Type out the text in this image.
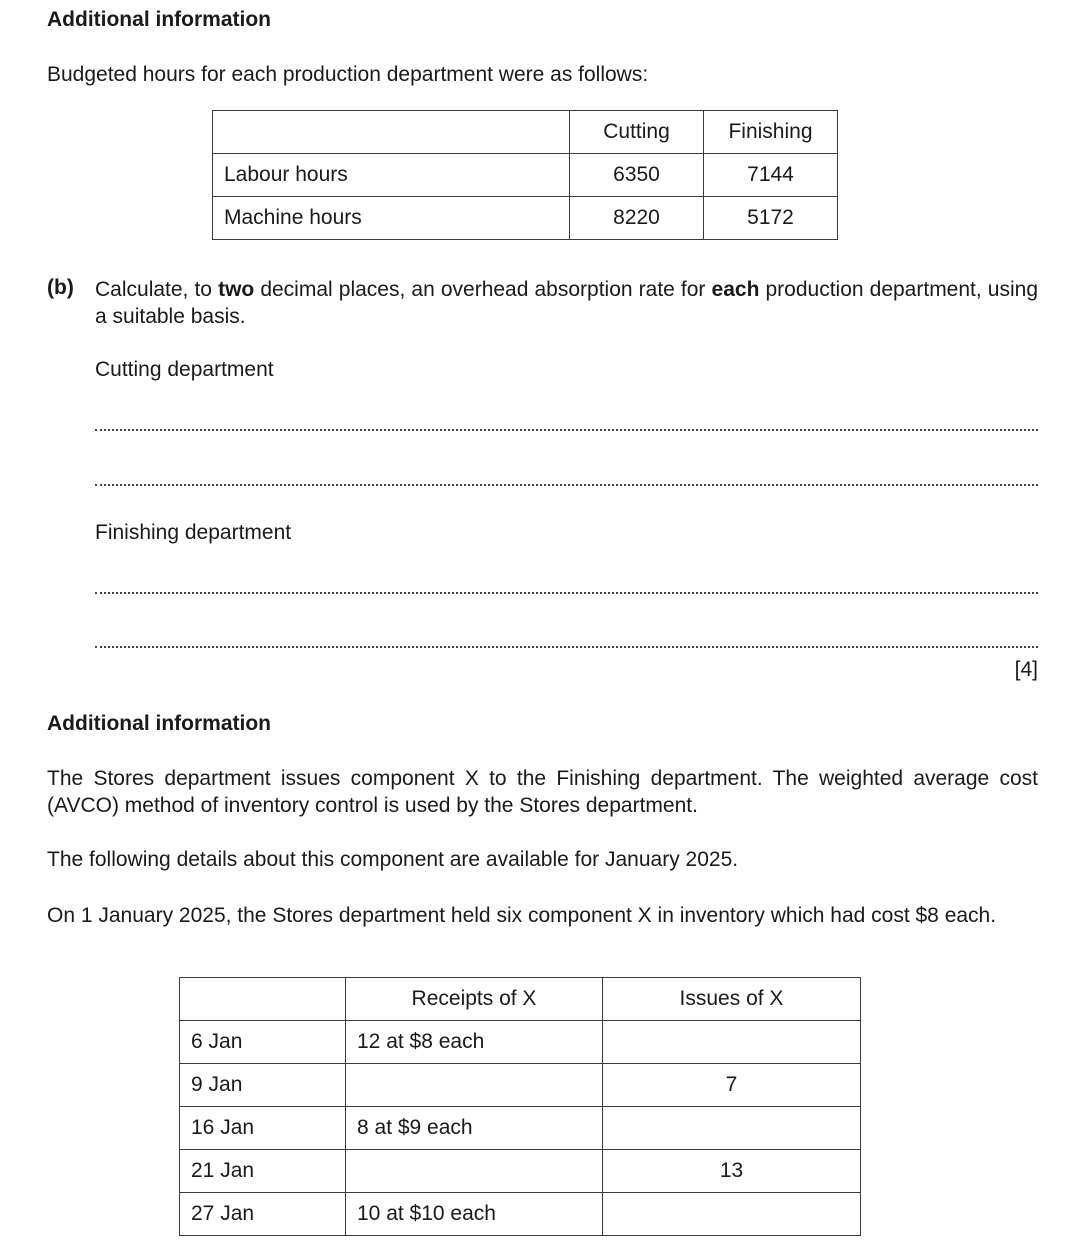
Additional information
Budgeted hours for each production department were as follows:
	Cutting	Finishing
Labour hours	6350	7144
Machine hours	8220	5172
(b) Calculate, to two decimal places, an overhead absorption rate for each production department, using a suitable basis.
Cutting department
Finishing department
[4]
Additional information
The Stores department issues component X to the Finishing department. The weighted average cost (AVCO) method of inventory control is used by the Stores department.
The following details about this component are available for January 2025.
On 1 January 2025, the Stores department held six component X in inventory which had cost $8 each.
	Receipts of X	Issues of X
6 Jan	12 at $8 each	
9 Jan		7
16 Jan	8 at $9 each	
21 Jan		13
27 Jan	10 at $10 each	
